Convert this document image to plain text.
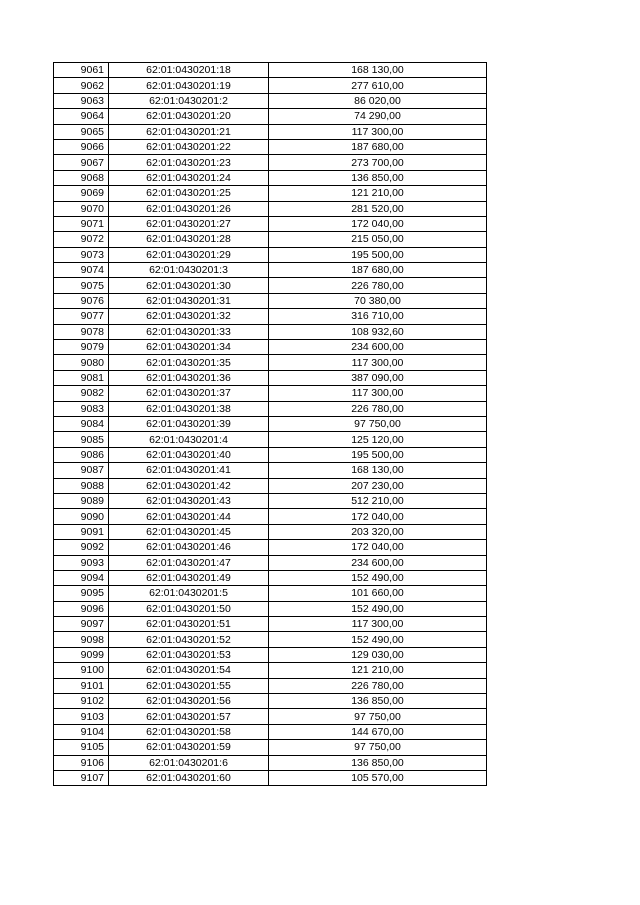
9061	62:01:0430201:18	168 130,00
9062	62:01:0430201:19	277 610,00
9063	62:01:0430201:2	86 020,00
9064	62:01:0430201:20	74 290,00
9065	62:01:0430201:21	117 300,00
9066	62:01:0430201:22	187 680,00
9067	62:01:0430201:23	273 700,00
9068	62:01:0430201:24	136 850,00
9069	62:01:0430201:25	121 210,00
9070	62:01:0430201:26	281 520,00
9071	62:01:0430201:27	172 040,00
9072	62:01:0430201:28	215 050,00
9073	62:01:0430201:29	195 500,00
9074	62:01:0430201:3	187 680,00
9075	62:01:0430201:30	226 780,00
9076	62:01:0430201:31	70 380,00
9077	62:01:0430201:32	316 710,00
9078	62:01:0430201:33	108 932,60
9079	62:01:0430201:34	234 600,00
9080	62:01:0430201:35	117 300,00
9081	62:01:0430201:36	387 090,00
9082	62:01:0430201:37	117 300,00
9083	62:01:0430201:38	226 780,00
9084	62:01:0430201:39	97 750,00
9085	62:01:0430201:4	125 120,00
9086	62:01:0430201:40	195 500,00
9087	62:01:0430201:41	168 130,00
9088	62:01:0430201:42	207 230,00
9089	62:01:0430201:43	512 210,00
9090	62:01:0430201:44	172 040,00
9091	62:01:0430201:45	203 320,00
9092	62:01:0430201:46	172 040,00
9093	62:01:0430201:47	234 600,00
9094	62:01:0430201:49	152 490,00
9095	62:01:0430201:5	101 660,00
9096	62:01:0430201:50	152 490,00
9097	62:01:0430201:51	117 300,00
9098	62:01:0430201:52	152 490,00
9099	62:01:0430201:53	129 030,00
9100	62:01:0430201:54	121 210,00
9101	62:01:0430201:55	226 780,00
9102	62:01:0430201:56	136 850,00
9103	62:01:0430201:57	97 750,00
9104	62:01:0430201:58	144 670,00
9105	62:01:0430201:59	97 750,00
9106	62:01:0430201:6	136 850,00
9107	62:01:0430201:60	105 570,00
